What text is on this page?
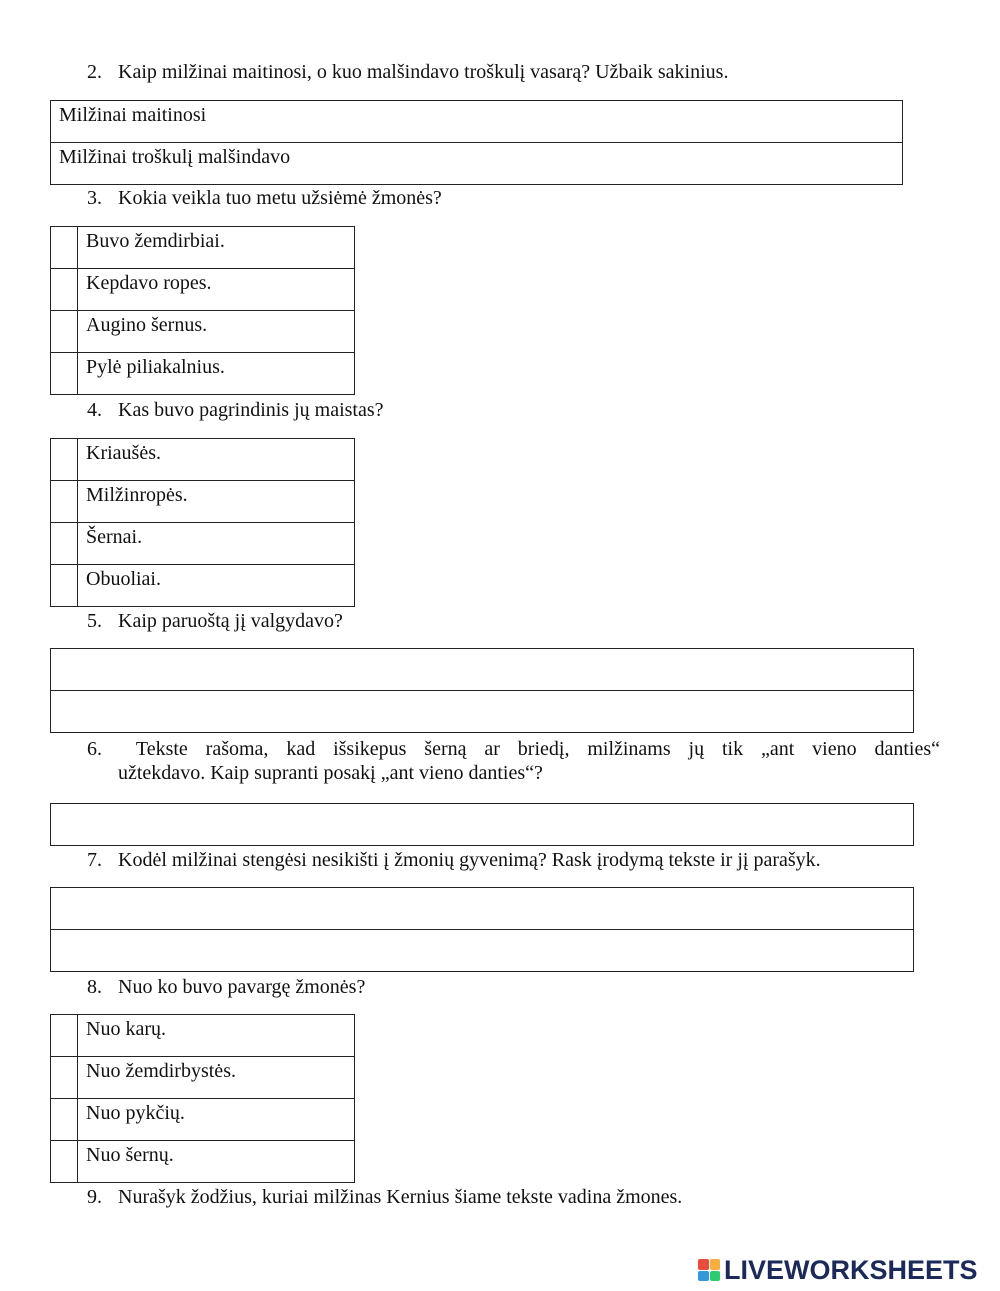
2. Kaip milžinai maitinosi, o kuo malšindavo troškulį vasarą? Užbaik sakinius.
Milžinai maitinosi
Milžinai troškulį malšindavo
3. Kokia veikla tuo metu užsiėmė žmonės?
	Buvo žemdirbiai.
	Kepdavo ropes.
	Augino šernus.
	Pylė piliakalnius.
4. Kas buvo pagrindinis jų maistas?
	Kriaušės.
	Milžinropės.
	Šernai.
	Obuoliai.
5. Kaip paruoštą jį valgydavo?

6.	Tekste rašoma, kad išsikepus šerną ar briedį, milžinams jų tik „ant vieno danties“
užtekdavo. Kaip supranti posakį „ant vieno danties“?
7. Kodėl milžinai stengėsi nesikišti į žmonių gyvenimą? Rask įrodymą tekste ir jį parašyk.

8. Nuo ko buvo pavargę žmonės?
	Nuo karų.
	Nuo žemdirbystės.
	Nuo pykčių.
	Nuo šernų.
9. Nurašyk žodžius, kuriai milžinas Kernius šiame tekste vadina žmones.
LIVEWORKSHEETS
